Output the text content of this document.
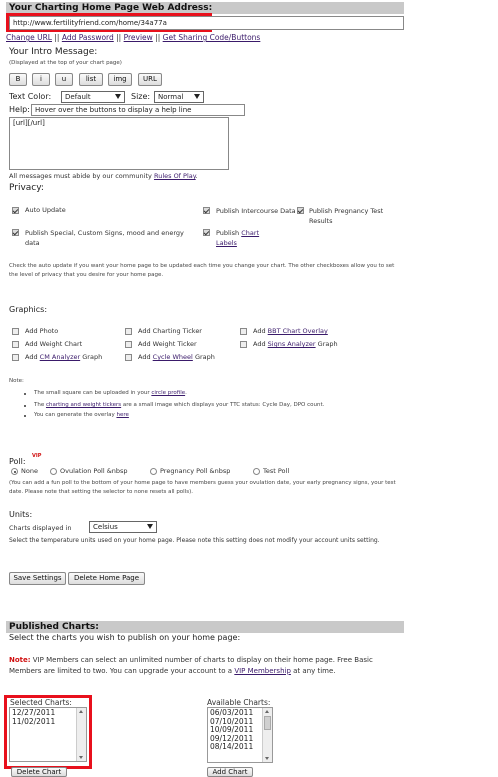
Your Charting Home Page Web Address:
http://www.fertilityfriend.com/home/34a77a
Change URL || Add Password || Preview || Get Sharing Code/Buttons
Your Intro Message:
(Displayed at the top of your chart page)
B	i	u	list	img	URL
Text Color:	Default	Size:	Normal
Help: Hover over the buttons to display a help line
[url][/url]
All messages must abide by our community Rules Of Play.
Privacy:
Auto Update	Publish Intercourse Data	Publish Pregnancy Test Results
Publish Special, Custom Signs, mood and energy data
Publish Chart Labels
Check the auto update if you want your home page to be updated each time you change your chart. The other checkboxes allow you to set the level of privacy that you desire for your home page.
Graphics:
Add Photo	Add Charting Ticker	Add BBT Chart Overlay
Add Weight Chart	Add Weight Ticker	Add Signs Analyzer Graph
Add CM Analyzer Graph	Add Cycle Wheel Graph
Note:
The small square can be uploaded in your circle profile.
The charting and weight tickers are a small image which displays your TTC status: Cycle Day, DPO count.
You can generate the overlay here
Poll:
VIP
None	Ovulation Poll &nbsp	Pregnancy Poll &nbsp	Test Poll
(You can add a fun poll to the bottom of your home page to have members guess your ovulation date, your early pregnancy signs, your test date. Please note that setting the selector to none resets all polls).
Units:
Charts displayed in	Celsius
Select the temperature units used on your home page. Please note this setting does not modify your account units setting.
Save Settings	Delete Home Page
Published Charts:
Select the charts you wish to publish on your home page:
Note: VIP Members can select an unlimited number of charts to display on their home page. Free Basic Members are limited to two. You can upgrade your account to a VIP Membership at any time.
Selected Charts:
12/27/2011
11/02/2011
Delete Chart
Available Charts:
06/03/2011
07/10/2011
10/09/2011
09/12/2011
08/14/2011
Add Chart
